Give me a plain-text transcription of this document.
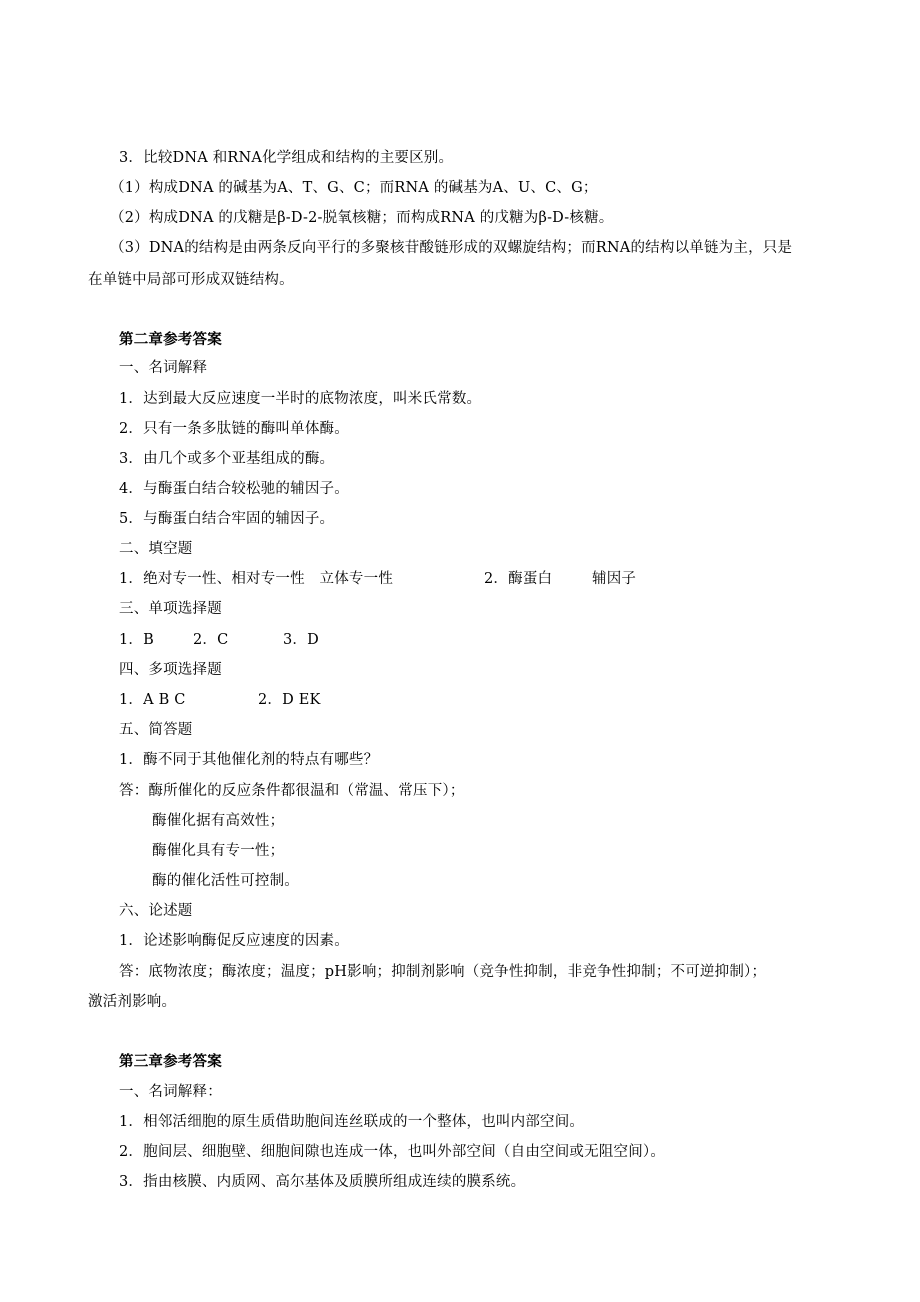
3．比较DNA 和RNA化学组成和结构的主要区别。
（1）构成DNA 的碱基为A、T、G、C；而RNA 的碱基为A、U、C、G；
（2）构成DNA 的戊糖是β-D-2-脱氧核糖；而构成RNA 的戊糖为β-D-核糖。
（3）DNA的结构是由两条反向平行的多聚核苷酸链形成的双螺旋结构；而RNA的结构以单链为主，只是
在单链中局部可形成双链结构。
第二章参考答案
一、名词解释
1．达到最大反应速度一半时的底物浓度，叫米氏常数。
2．只有一条多肽链的酶叫单体酶。
3．由几个或多个亚基组成的酶。
4．与酶蛋白结合较松驰的辅因子。
5．与酶蛋白结合牢固的辅因子。
二、填空题
1．绝对专一性、相对专一性　立体专一性	2．酶蛋白	辅因子
三、单项选择题
1．B	2．C	3．D
四、多项选择题
1．A B C	2．D EK
五、简答题
1．酶不同于其他催化剂的特点有哪些？
答：酶所催化的反应条件都很温和（常温、常压下）；
酶催化据有高效性；
酶催化具有专一性；
酶的催化活性可控制。
六、论述题
1．论述影响酶促反应速度的因素。
答：底物浓度；酶浓度；温度；pH影响；抑制剂影响（竞争性抑制，非竞争性抑制；不可逆抑制）；
激活剂影响。
第三章参考答案
一、名词解释：
1．相邻活细胞的原生质借助胞间连丝联成的一个整体，也叫内部空间。
2．胞间层、细胞壁、细胞间隙也连成一体，也叫外部空间（自由空间或无阻空间）。
3．指由核膜、内质网、高尔基体及质膜所组成连续的膜系统。
